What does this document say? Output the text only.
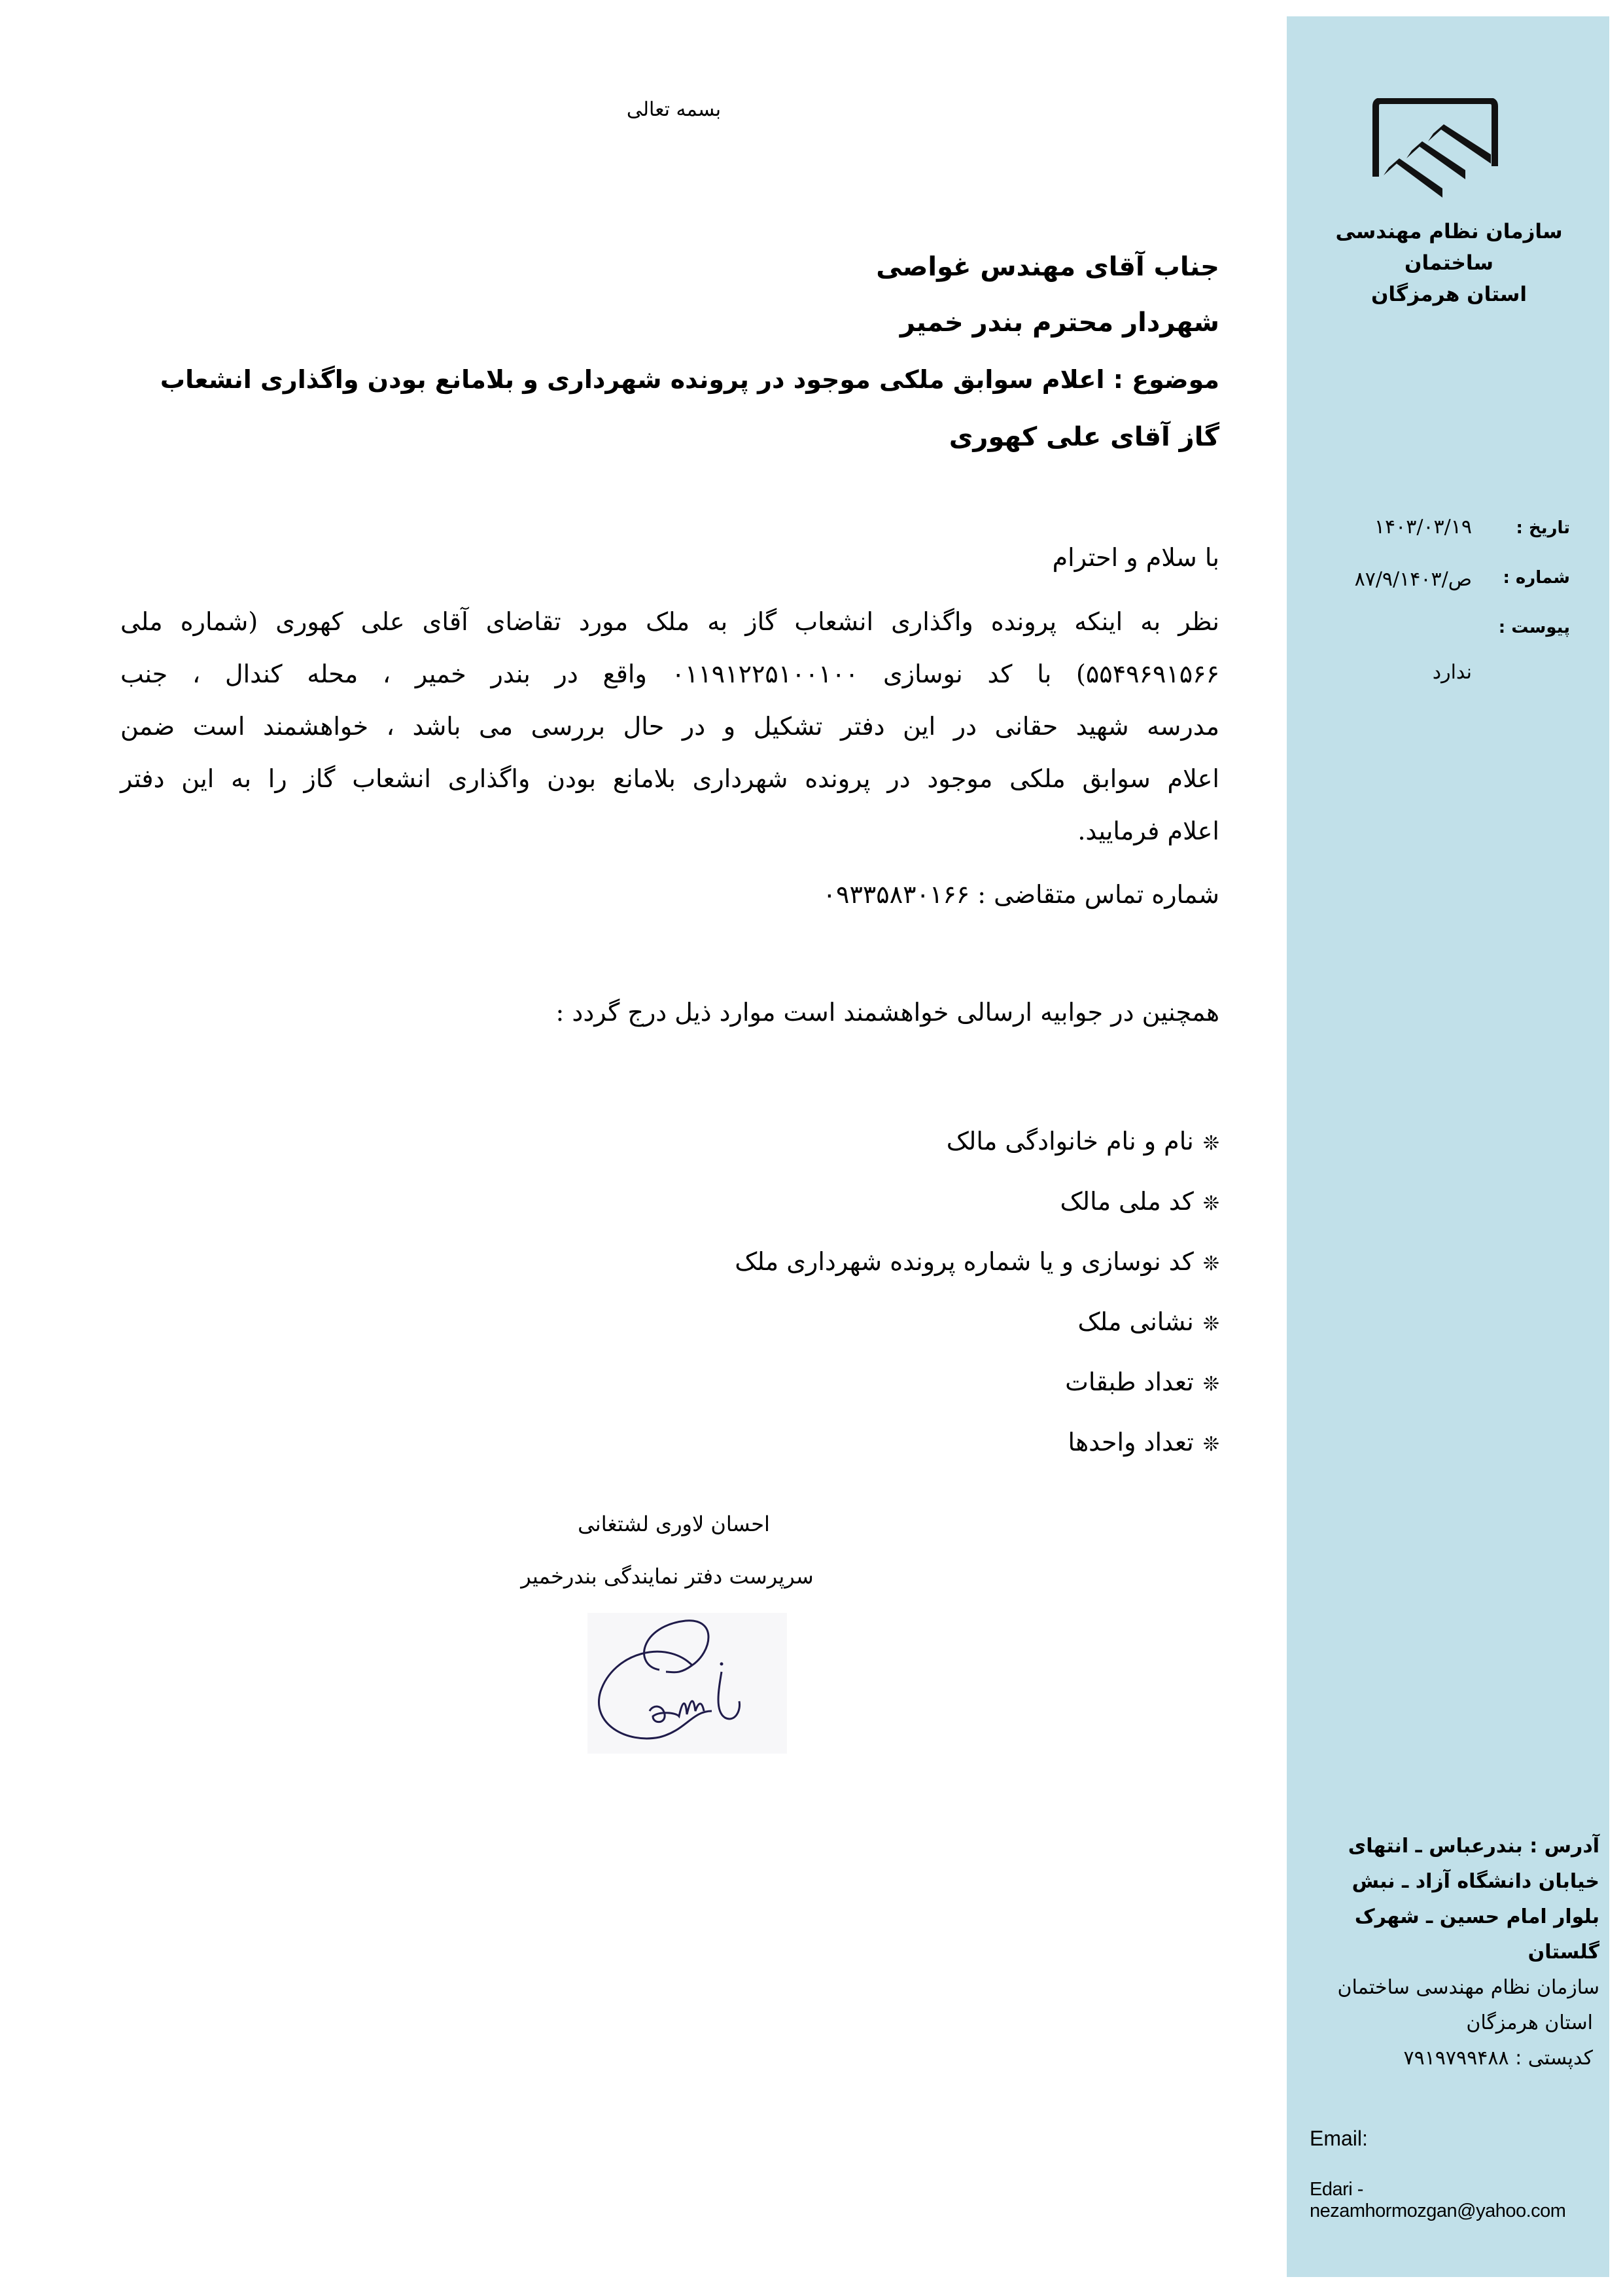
سازمان نظام مهندسی ساختمان
استان هرمزگان
تاریخ :
۱۴۰۳/۰۳/۱۹
شماره :
ص/۸۷/۹/۱۴۰۳
پیوست :
ندارد
آدرس : بندرعباس ـ انتهای
خیابان دانشگاه آزاد ـ نبش
بلوار امام حسین ـ شهرک
گلستان
سازمان نظام مهندسی ساختمان
استان هرمزگان
کدپستی : ۷۹۱۹۷۹۹۴۸۸
Email:
Edari - nezamhormozgan@yahoo.com
بسمه تعالی
جناب آقای مهندس غواصی
شهردار محترم بندر خمیر
موضوع : اعلام سوابق ملکی موجود در پرونده شهرداری و بلامانع بودن واگذاری انشعاب
گاز آقای علی کهوری
با سلام و احترام
نظر به اینکه پرونده واگذاری انشعاب گاز به ملک مورد تقاضای آقای علی کهوری (شماره ملی
۵۵۴۹۶۹۱۵۶۶) با کد نوسازی ۰۱۱۹۱۲۲۵۱۰۰۱۰۰ واقع در بندر خمیر ، محله کندال ، جنب
مدرسه شهید حقانی در این دفتر تشکیل و در حال بررسی می باشد ، خواهشمند است ضمن
اعلام سوابق ملکی موجود در پرونده شهرداری بلامانع بودن واگذاری انشعاب گاز را به این دفتر
اعلام فرمایید.
شماره تماس متقاضی : ۰۹۳۳۵۸۳۰۱۶۶
همچنین در جوابیه ارسالی خواهشمند است موارد ذیل درج گردد :
❊نام و نام خانوادگی مالک
❊کد ملی مالک
❊کد نوسازی و یا شماره پرونده شهرداری ملک
❊نشانی ملک
❊تعداد طبقات
❊تعداد واحدها
احسان لاوری لشتغانی
سرپرست دفتر نمایندگی بندرخمیر
